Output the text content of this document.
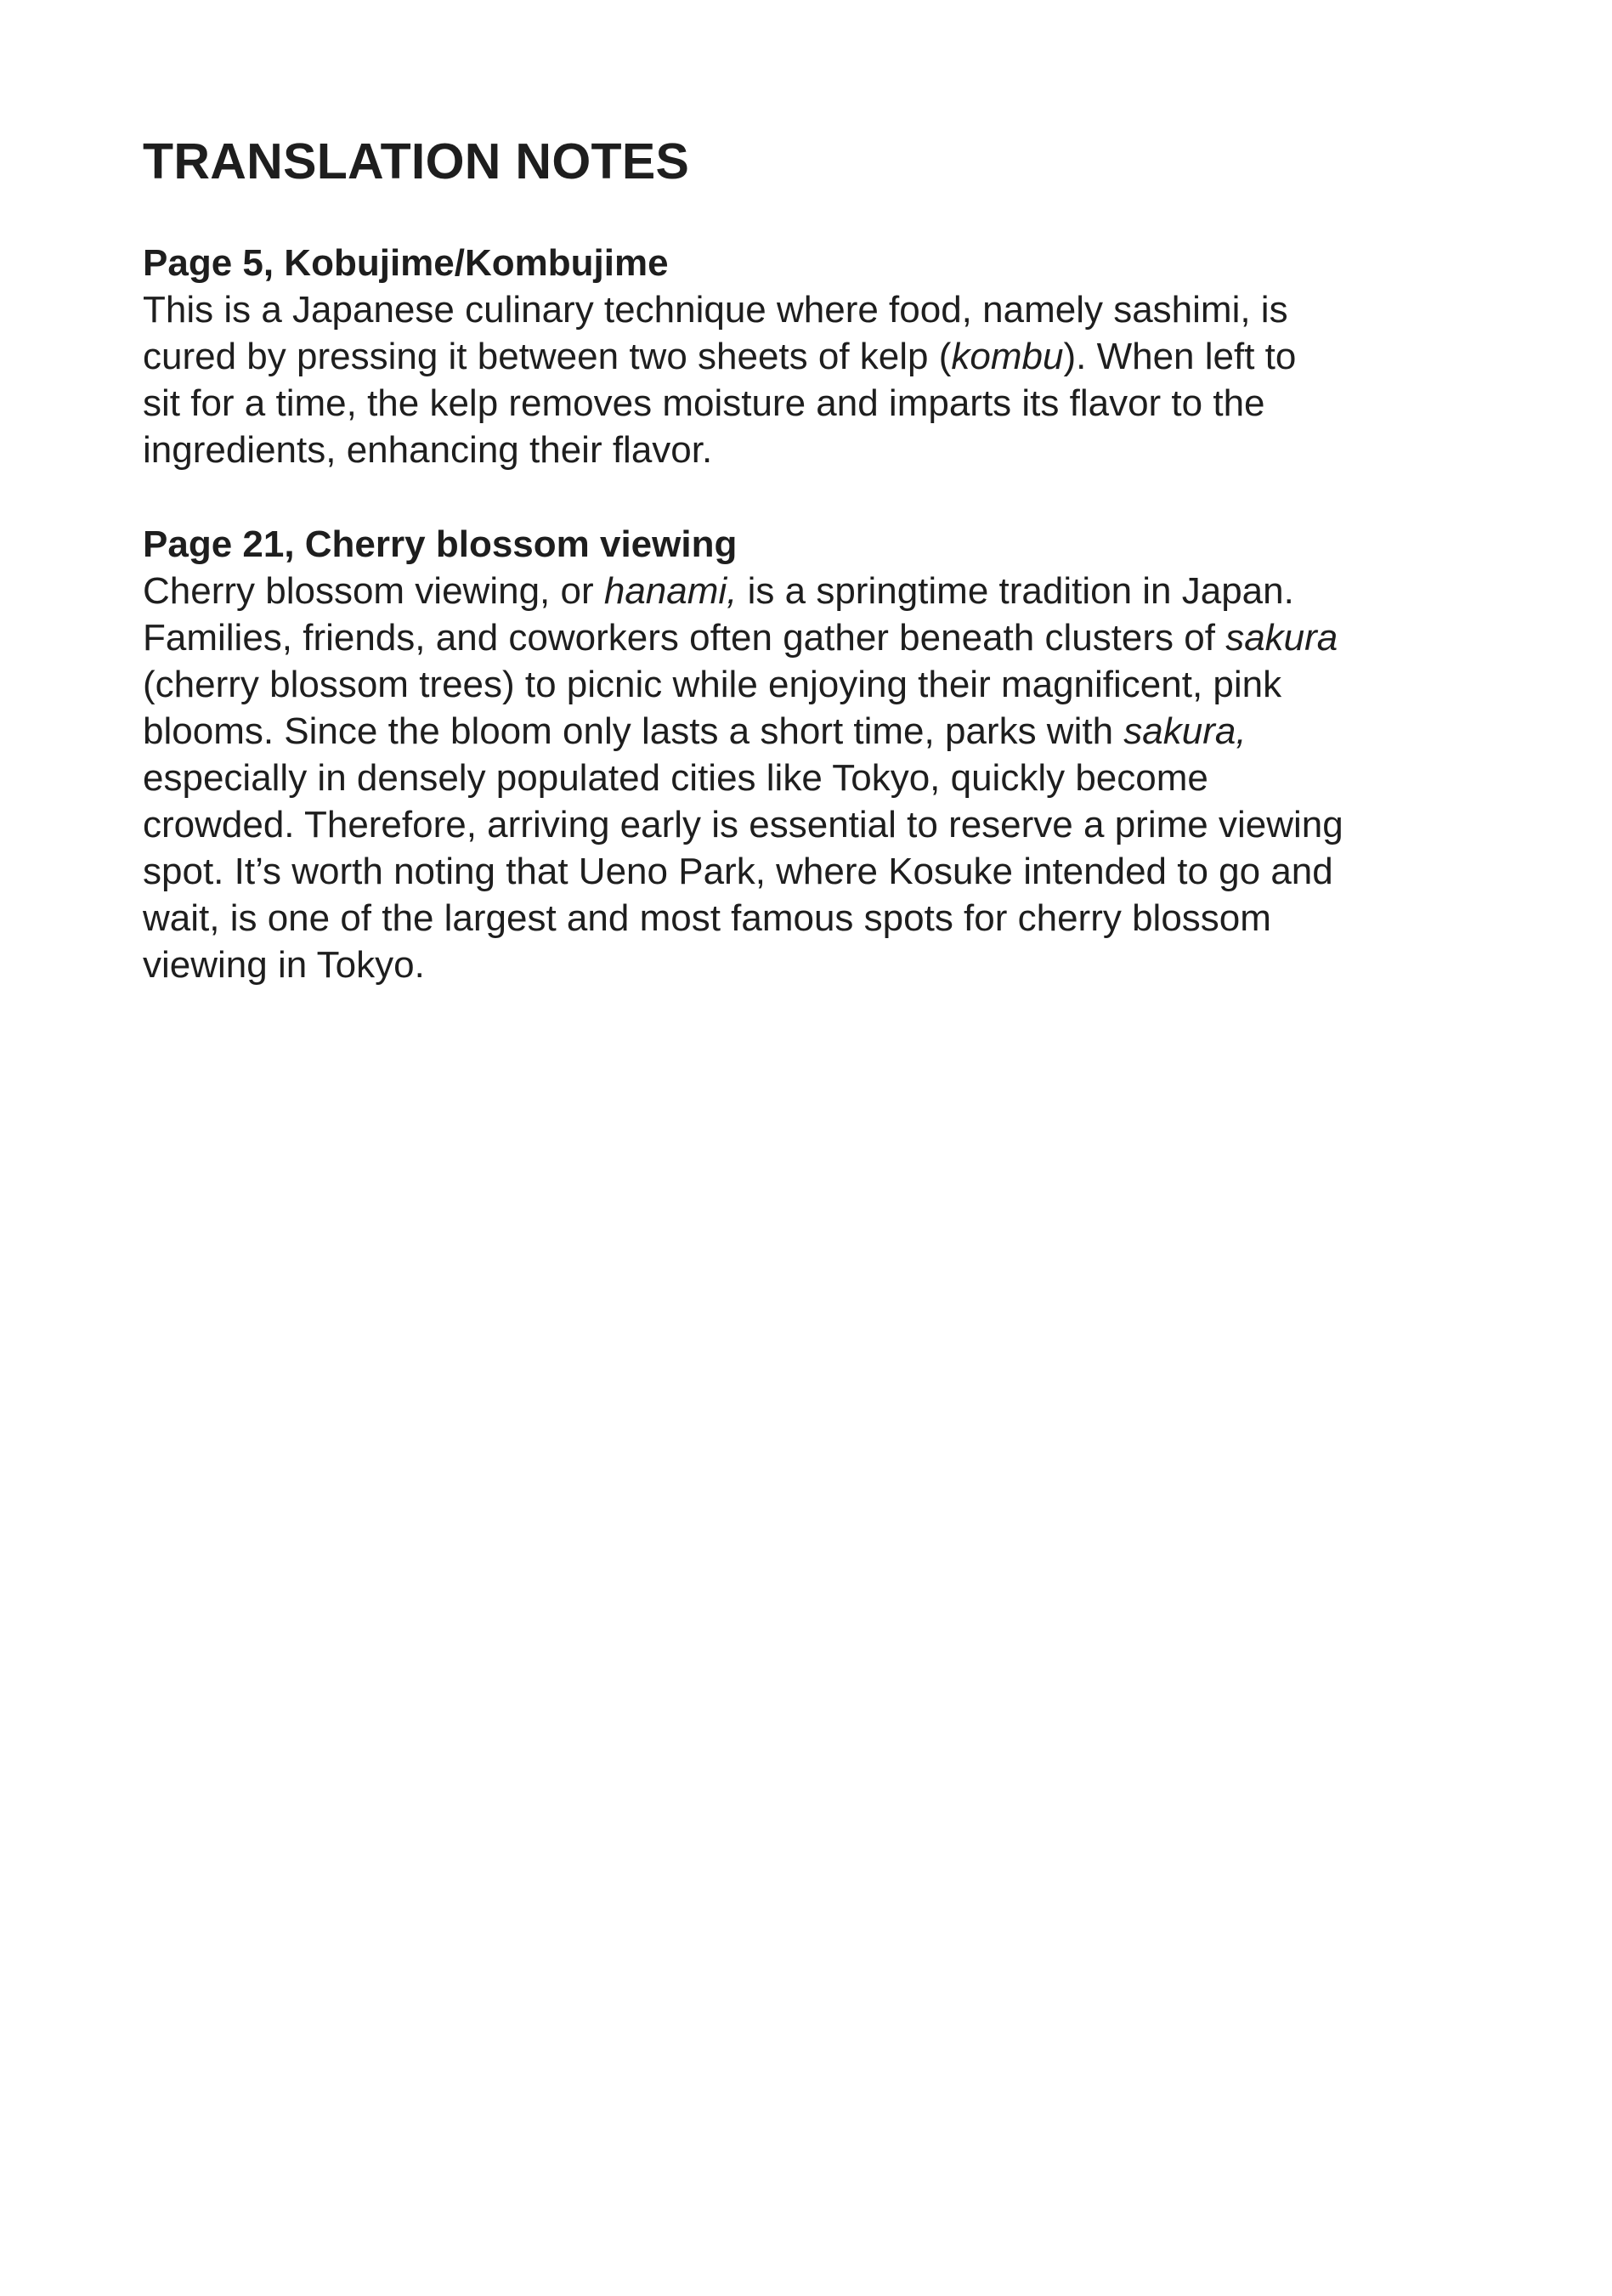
TRANSLATION NOTES

Page 5, Kobujime/Kombujime

This is a Japanese culinary technique where food, namely sashimi, is
cured by pressing it between two sheets of kelp (kombu). When left to
sit for a time, the kelp removes moisture and imparts its flavor to the
ingredients, enhancing their flavor.

Page 21, Cherry blossom viewing

Cherry blossom viewing, or hanami, is a springtime tradition in Japan.
Families, friends, and coworkers often gather beneath clusters of sakura
(cherry blossom trees) to picnic while enjoying their magnificent, pink
blooms. Since the bloom only lasts a short time, parks with sakura,
especially in densely populated cities like Tokyo, quickly become
crowded. Therefore, arriving early is essential to reserve a prime viewing
spot. It’s worth noting that Ueno Park, where Kosuke intended to go and
wait, is one of the largest and most famous spots for cherry blossom
viewing in Tokyo.
